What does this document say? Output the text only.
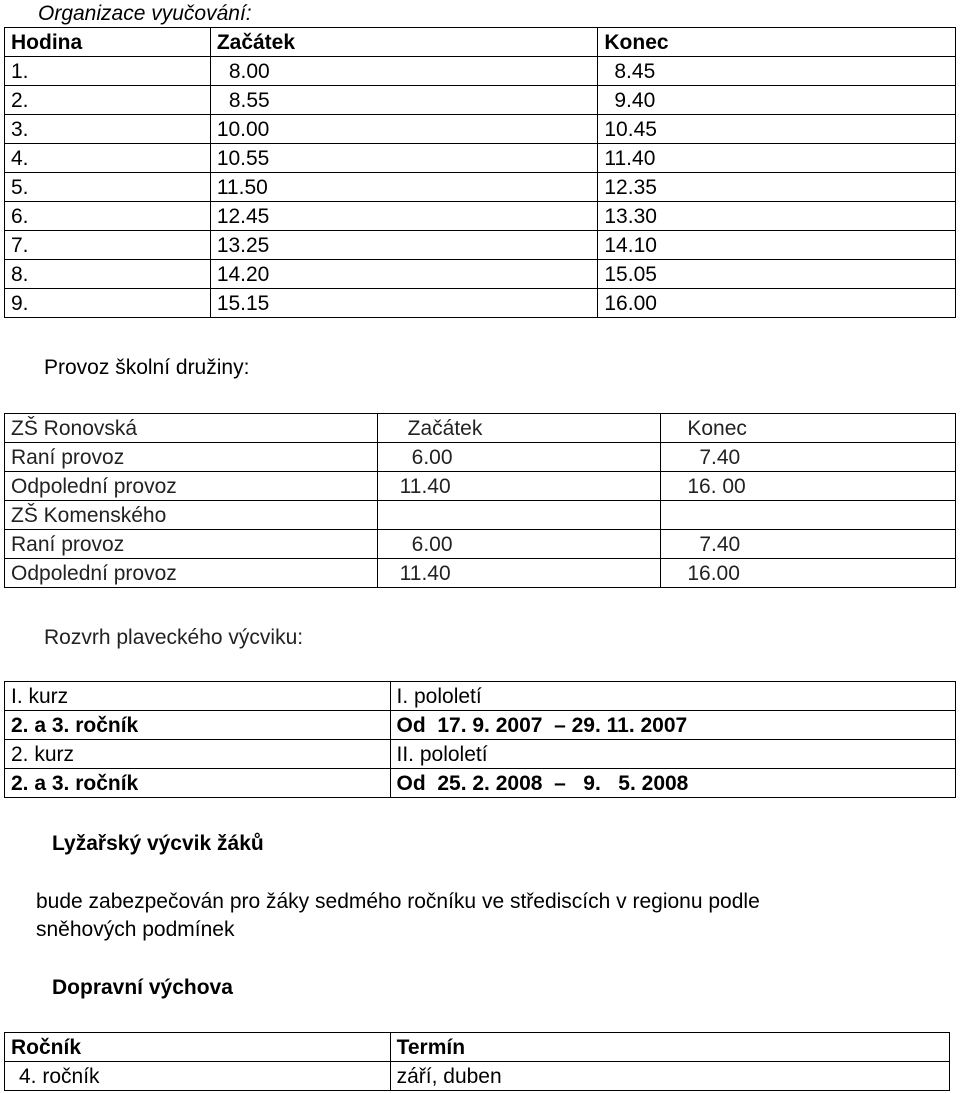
Organizace vyučování:
Hodina	Začátek	Konec
1.	8.00	8.45
2.	8.55	9.40
3.	10.00	10.45
4.	10.55	11.40
5.	11.50	12.35
6.	12.45	13.30
7.	13.25	14.10
8.	14.20	15.05
9.	15.15	16.00
Provoz školní družiny:
ZŠ Ronovská	Začátek	Konec
Raní provoz	6.00	7.40
Odpolední provoz	11.40	16. 00
ZŠ Komenského		
Raní provoz	6.00	7.40
Odpolední provoz	11.40	16.00
Rozvrh plaveckého výcviku:
I. kurz	I. pololetí
2. a 3. ročník	Od  17. 9. 2007  – 29. 11. 2007
2. kurz	II. pololetí
2. a 3. ročník	Od  25. 2. 2008  –   9.   5. 2008
Lyžařský výcvik žáků
bude zabezpečován pro žáky sedmého ročníku ve střediscích v regionu podle
sněhových podmínek
Dopravní výchova
Ročník	Termín
4. ročník	září, duben
